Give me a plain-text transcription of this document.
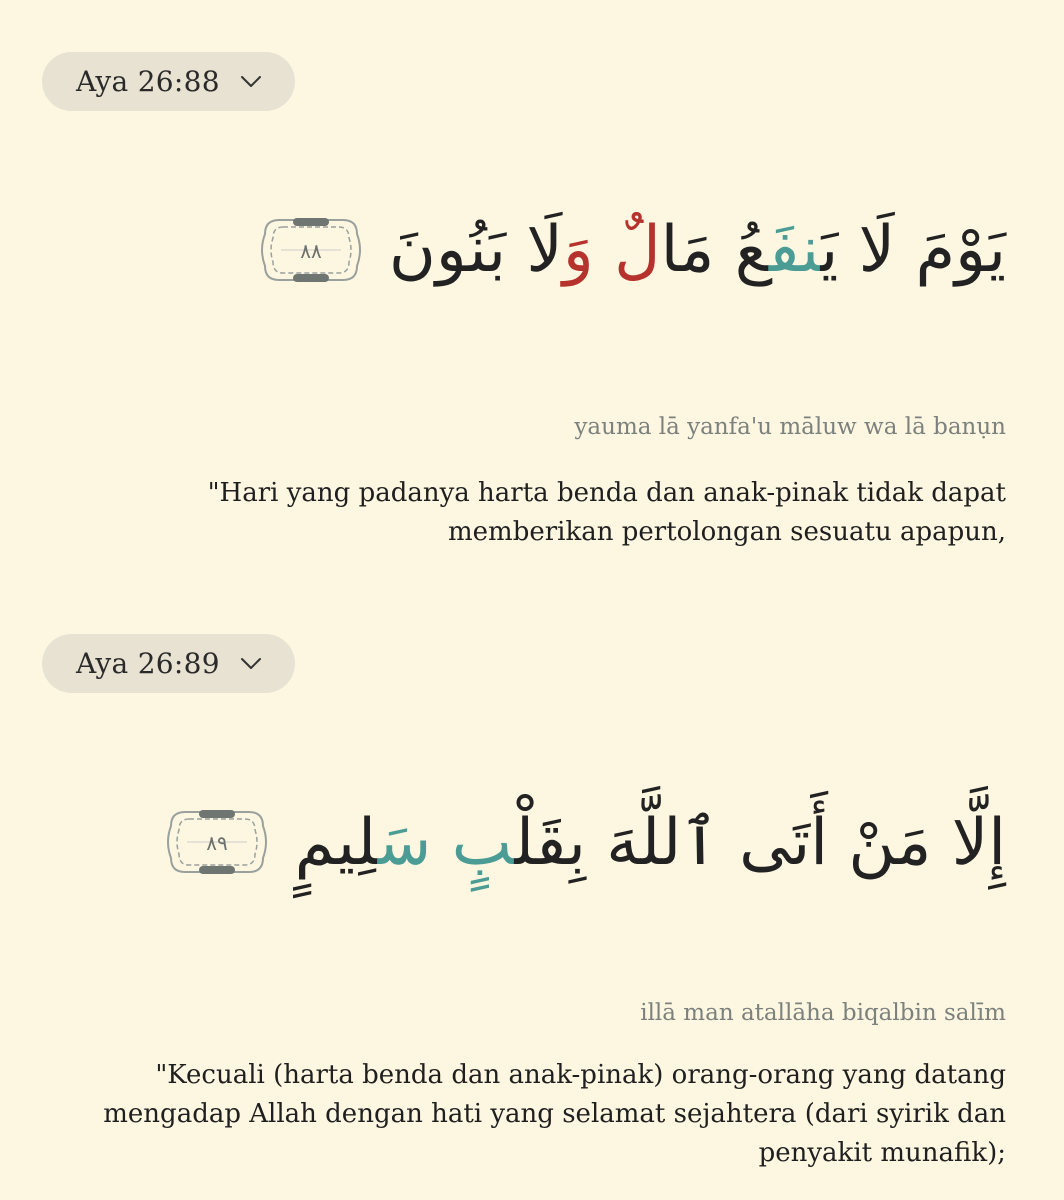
Aya 26:88
يَوْمَ لَا يَنفَعُ مَالٌ وَلَا بَنُونَ
٨٨
yauma lā yanfa'u māluw wa lā banụn
"Hari yang padanya harta benda dan anak-pinak tidak dapat memberikan pertolongan sesuatu apapun,
Aya 26:89
إِلَّا مَنْ أَتَى ٱللَّهَ بِقَلْبٍ سَلِيمٍ
٨٩
illā man atallāha biqalbin salīm
"Kecuali (harta benda dan anak-pinak) orang-orang yang datang mengadap Allah dengan hati yang selamat sejahtera (dari syirik dan penyakit munafik);
